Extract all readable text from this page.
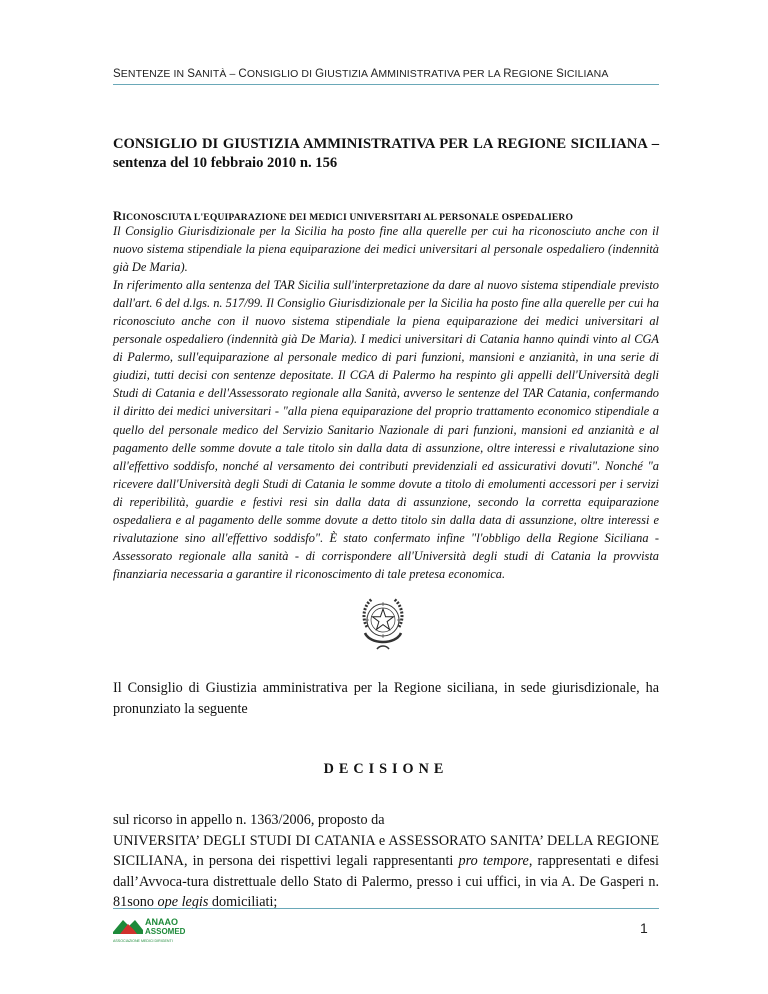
SENTENZE IN SANITÀ – CONSIGLIO DI GIUSTIZIA AMMINISTRATIVA PER LA REGIONE SICILIANA
CONSIGLIO DI GIUSTIZIA AMMINISTRATIVA PER LA REGIONE SICILIANA – sentenza del 10 febbraio 2010 n. 156
RICONOSCIUTA L'EQUIPARAZIONE DEI MEDICI UNIVERSITARI AL PERSONALE OSPEDALIERO

Il Consiglio Giurisdizionale per la Sicilia ha posto fine alla querelle per cui ha riconosciuto anche con il nuovo sistema stipendiale la piena equiparazione dei medici universitari al personale ospedaliero (indennità già De Maria).

In riferimento alla sentenza del TAR Sicilia sull'interpretazione da dare al nuovo sistema stipendiale previsto dall'art. 6 del d.lgs. n. 517/99. Il Consiglio Giurisdizionale per la Sicilia ha posto fine alla querelle per cui ha riconosciuto anche con il nuovo sistema stipendiale la piena equiparazione dei medici universitari al personale ospedaliero (indennità già De Maria). I medici universitari di Catania hanno quindi vinto al CGA di Palermo, sull'equiparazione al personale medico di pari funzioni, mansioni e anzianità, in una serie di giudizi, tutti decisi con sentenze depositate. Il CGA di Palermo ha respinto gli appelli dell'Università degli Studi di Catania e dell'Assessorato regionale alla Sanità, avverso le sentenze del TAR Catania, confermando il diritto dei medici universitari - "alla piena equiparazione del proprio trattamento economico stipendiale a quello del personale medico del Servizio Sanitario Nazionale di pari funzioni, mansioni ed anzianità e al pagamento delle somme dovute a tale titolo sin dalla data di assunzione, oltre interessi e rivalutazione sino all'effettivo soddisfo, nonché al versamento dei contributi previdenziali ed assicurativi dovuti". Nonché "a ricevere dall'Università degli Studi di Catania le somme dovute a titolo di emolumenti accessori per i servizi di reperibilità, guardie e festivi resi sin dalla data di assunzione, secondo la corretta equiparazione ospedaliera e al pagamento delle somme dovute a detto titolo sin dalla data di assunzione, oltre interessi e rivalutazione sino all'effettivo soddisfo". È stato confermato infine "l'obbligo della Regione Siciliana - Assessorato regionale alla sanità - di corrispondere all'Università degli studi di Catania la provvista finanziaria necessaria a garantire il riconoscimento di tale pretesa economica.

Il Consiglio di Giustizia amministrativa per la Regione siciliana, in sede giurisdizionale, ha pronunziato la seguente
DECISIONE
sul ricorso in appello n. 1363/2006, proposto da
UNIVERSITA’ DEGLI STUDI DI CATANIA e ASSESSORATO SANITA’ DELLA REGIONE SICILIANA, in persona dei rispettivi legali rappresentanti pro tempore, rappresentati e difesi dall’Avvoca-tura distrettuale dello Stato di Palermo, presso i cui uffici, in via A. De Gasperi n. 81sono ope legis domiciliati;
ANAAO
ASSOMED
ASSOCIAZIONE MEDICI DIRIGENTI
1
